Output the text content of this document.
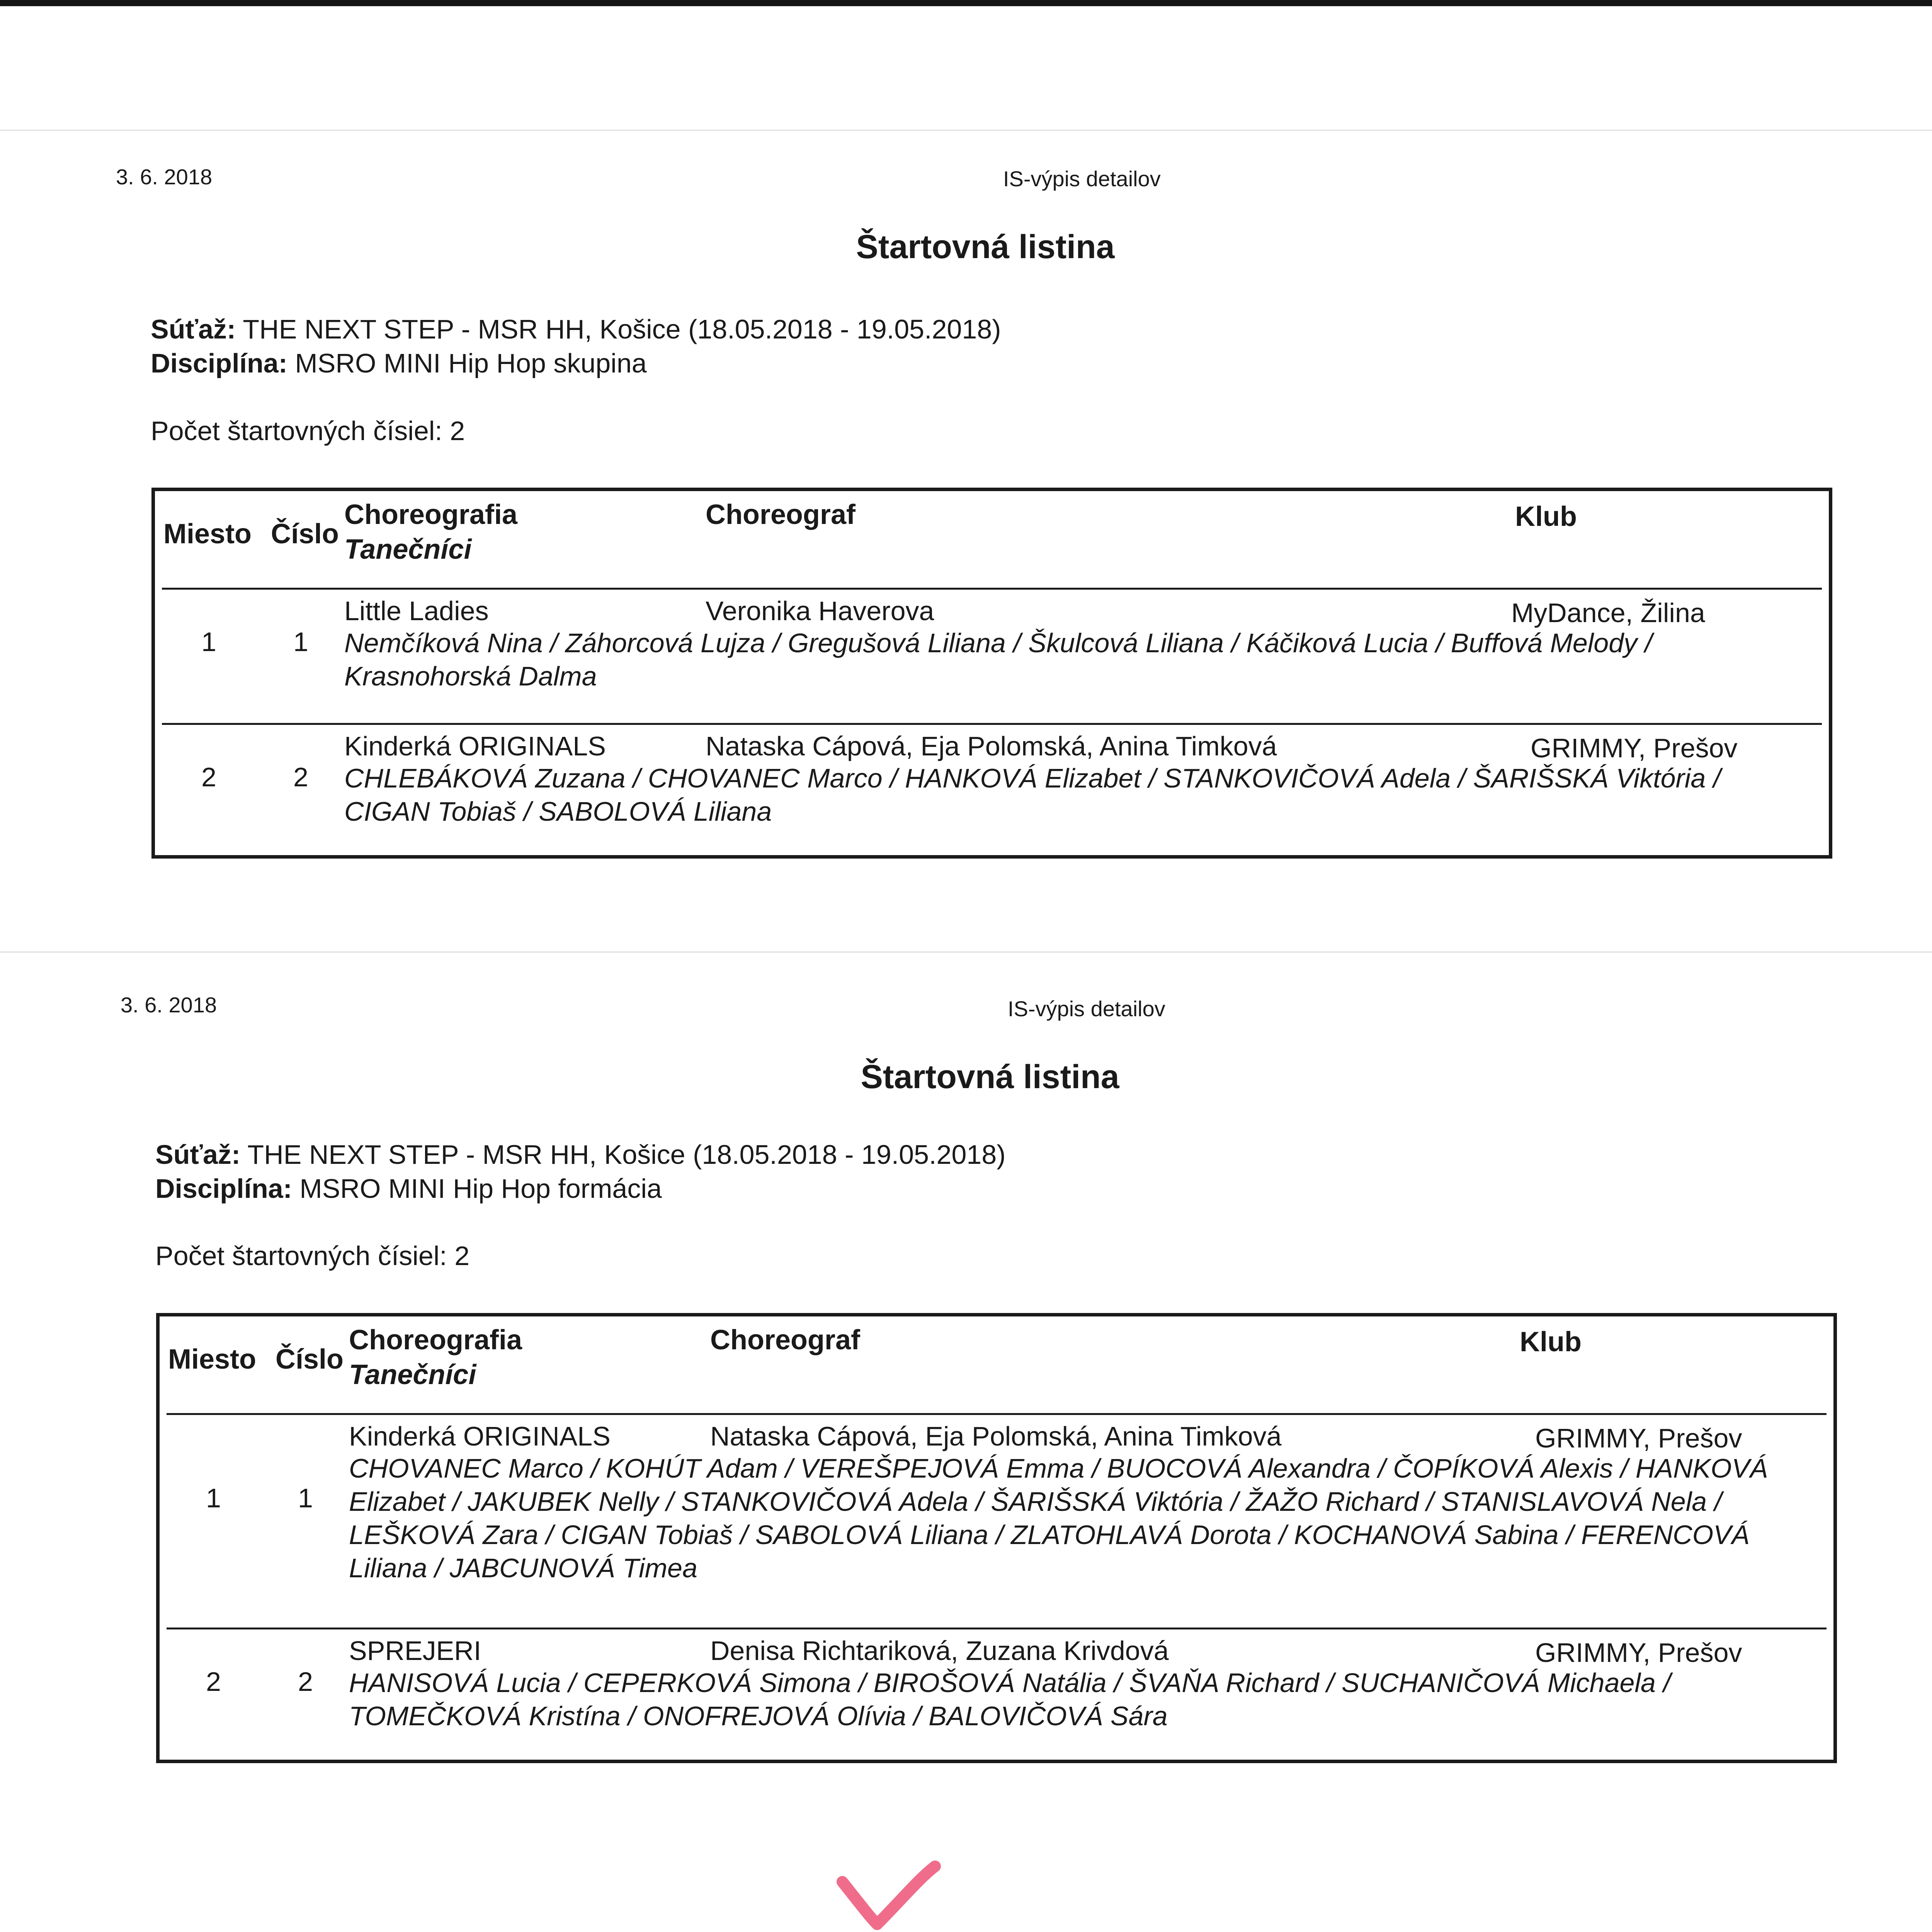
3. 6. 2018	IS-výpis detailov
Štartovná listina
Súťaž: THE NEXT STEP - MSR HH, Košice (18.05.2018 - 19.05.2018)
Disciplína: MSRO MINI Hip Hop skupina
Počet štartovných čísiel: 2
Miesto Číslo
Choreografia
Tanečníci
Choreograf	Klub
1	1
Little Ladies	Veronika Haverova	MyDance, Žilina
Nemčíková Nina / Záhorcová Lujza / Gregušová Liliana / Škulcová Liliana / Káčiková Lucia / Buffová Melody / Krasnohorská Dalma
2	2
Kinderká ORIGINALS	Nataska Cápová, Eja Polomská, Anina Timková	GRIMMY, Prešov
CHLEBÁKOVÁ Zuzana / CHOVANEC Marco / HANKOVÁ Elizabet / STANKOVIČOVÁ Adela / ŠARIŠSKÁ Viktória / CIGAN Tobiaš / SABOLOVÁ Liliana
3. 6. 2018	IS-výpis detailov
Štartovná listina
Súťaž: THE NEXT STEP - MSR HH, Košice (18.05.2018 - 19.05.2018)
Disciplína: MSRO MINI Hip Hop formácia
Počet štartovných čísiel: 2
Miesto Číslo
Choreografia
Tanečníci
Choreograf	Klub
1	1
Kinderká ORIGINALS	Nataska Cápová, Eja Polomská, Anina Timková	GRIMMY, Prešov
CHOVANEC Marco / KOHÚT Adam / VEREŠPEJOVÁ Emma / BUOCOVÁ Alexandra / ČOPÍKOVÁ Alexis / HANKOVÁ Elizabet / JAKUBEK Nelly / STANKOVIČOVÁ Adela / ŠARIŠSKÁ Viktória / ŽAŽO Richard / STANISLAVOVÁ Nela / LEŠKOVÁ Zara / CIGAN Tobiaš / SABOLOVÁ Liliana / ZLATOHLAVÁ Dorota / KOCHANOVÁ Sabina / FERENCOVÁ Liliana / JABCUNOVÁ Timea
2	2
SPREJERI	Denisa Richtariková, Zuzana Krivdová	GRIMMY, Prešov
HANISOVÁ Lucia / CEPERKOVÁ Simona / BIROŠOVÁ Natália / ŠVAŇA Richard / SUCHANIČOVÁ Michaela / TOMEČKOVÁ Kristína / ONOFREJOVÁ Olívia / BALOVIČOVÁ Sára
